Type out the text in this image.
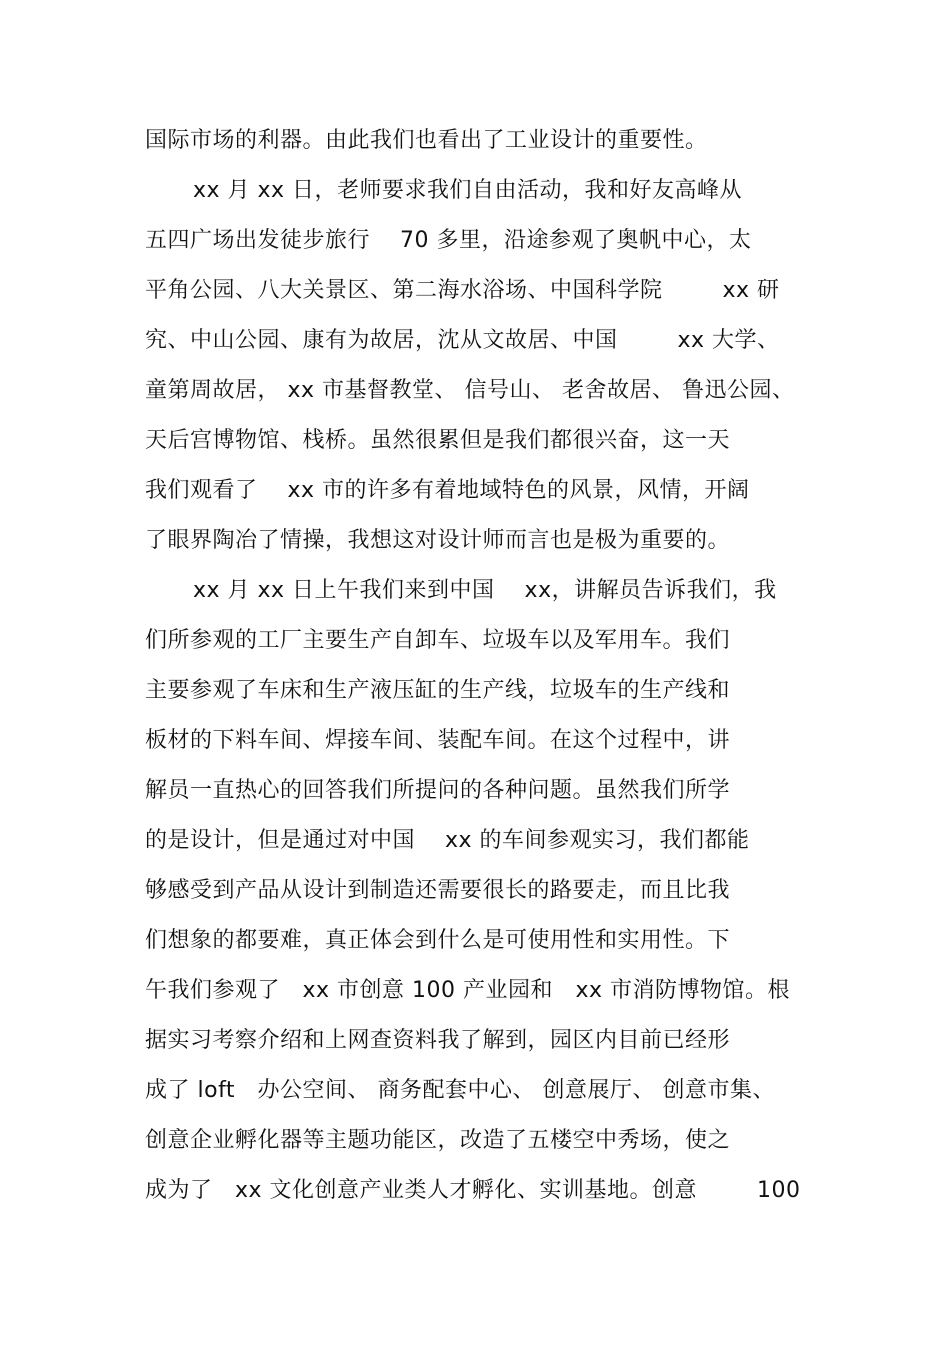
国际市场的利器。由此我们也看出了工业设计的重要性。
xx 月 xx 日，老师要求我们自由活动，我和好友高峰从
五四广场出发徒步旅行　 70 多里，沿途参观了奥帆中心，太
平角公园、八大关景区、第二海水浴场、中国科学院　 　 xx 研
究、中山公园、康有为故居，沈从文故居、中国　 　 xx 大学、
童第周故居， xx 市基督教堂、 信号山、 老舍故居、 鲁迅公园、
天后宫博物馆、栈桥。虽然很累但是我们都很兴奋，这一天
我们观看了　 xx 市的许多有着地域特色的风景，风情，开阔
了眼界陶冶了情操，我想这对设计师而言也是极为重要的。
xx 月 xx 日上午我们来到中国　 xx，讲解员告诉我们，我
们所参观的工厂主要生产自卸车、垃圾车以及军用车。我们
主要参观了车床和生产液压缸的生产线，垃圾车的生产线和
板材的下料车间、焊接车间、装配车间。在这个过程中，讲
解员一直热心的回答我们所提问的各种问题。虽然我们所学
的是设计，但是通过对中国　 xx 的车间参观实习，我们都能
够感受到产品从设计到制造还需要很长的路要走，而且比我
们想象的都要难，真正体会到什么是可使用性和实用性。下
午我们参观了　xx 市创意 100 产业园和　xx 市消防博物馆。根
据实习考察介绍和上网查资料我了解到，园区内目前已经形
成了 loft　办公空间、 商务配套中心、 创意展厅、 创意市集、
创意企业孵化器等主题功能区，改造了五楼空中秀场，使之
成为了　xx 文化创意产业类人才孵化、实训基地。创意　 　 100
